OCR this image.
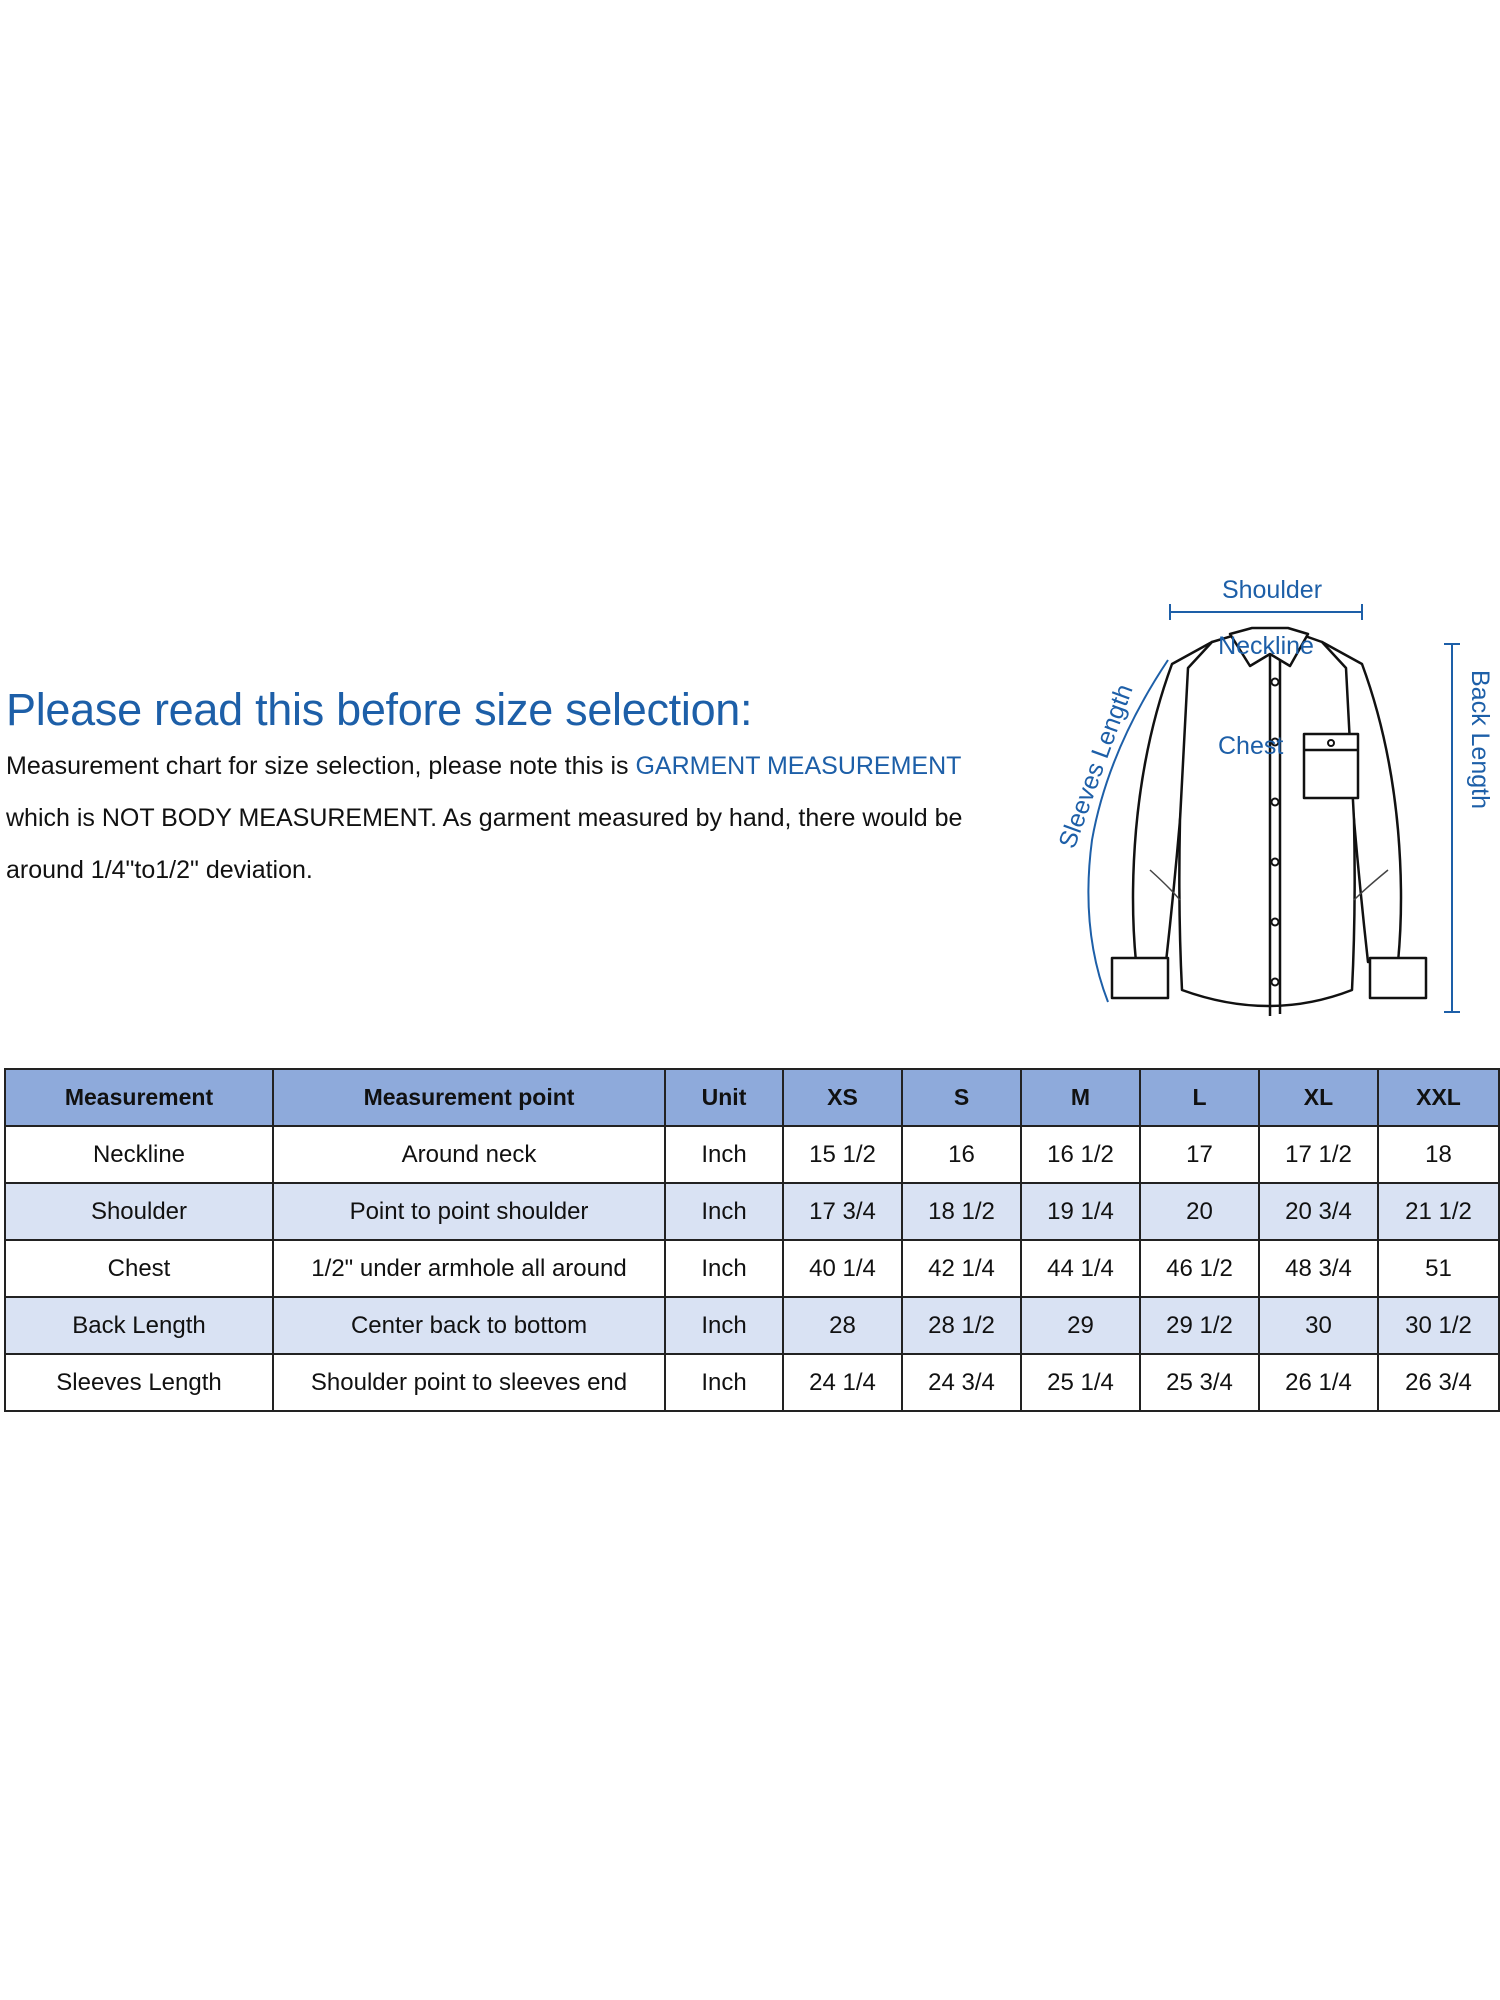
Please read this before size selection:
Measurement chart for size selection, please note this is GARMENT MEASUREMENT
which is NOT BODY MEASUREMENT. As garment measured by hand, there would be
around 1/4"to1/2" deviation.
Shoulder
Neckline
Chest
Sleeves Length	Back Length
Measurement	Measurement point	Unit	XS	S	M	L	XL	XXL
Neckline	Around neck	Inch	15 1/2	16	16 1/2	17	17 1/2	18
Shoulder	Point to point shoulder	Inch	17 3/4	18 1/2	19 1/4	20	20 3/4	21 1/2
Chest	1/2" under armhole all around	Inch	40 1/4	42 1/4	44 1/4	46 1/2	48 3/4	51
Back Length	Center back to bottom	Inch	28	28 1/2	29	29 1/2	30	30 1/2
Sleeves Length	Shoulder point to sleeves end	Inch	24 1/4	24 3/4	25 1/4	25 3/4	26 1/4	26 3/4
